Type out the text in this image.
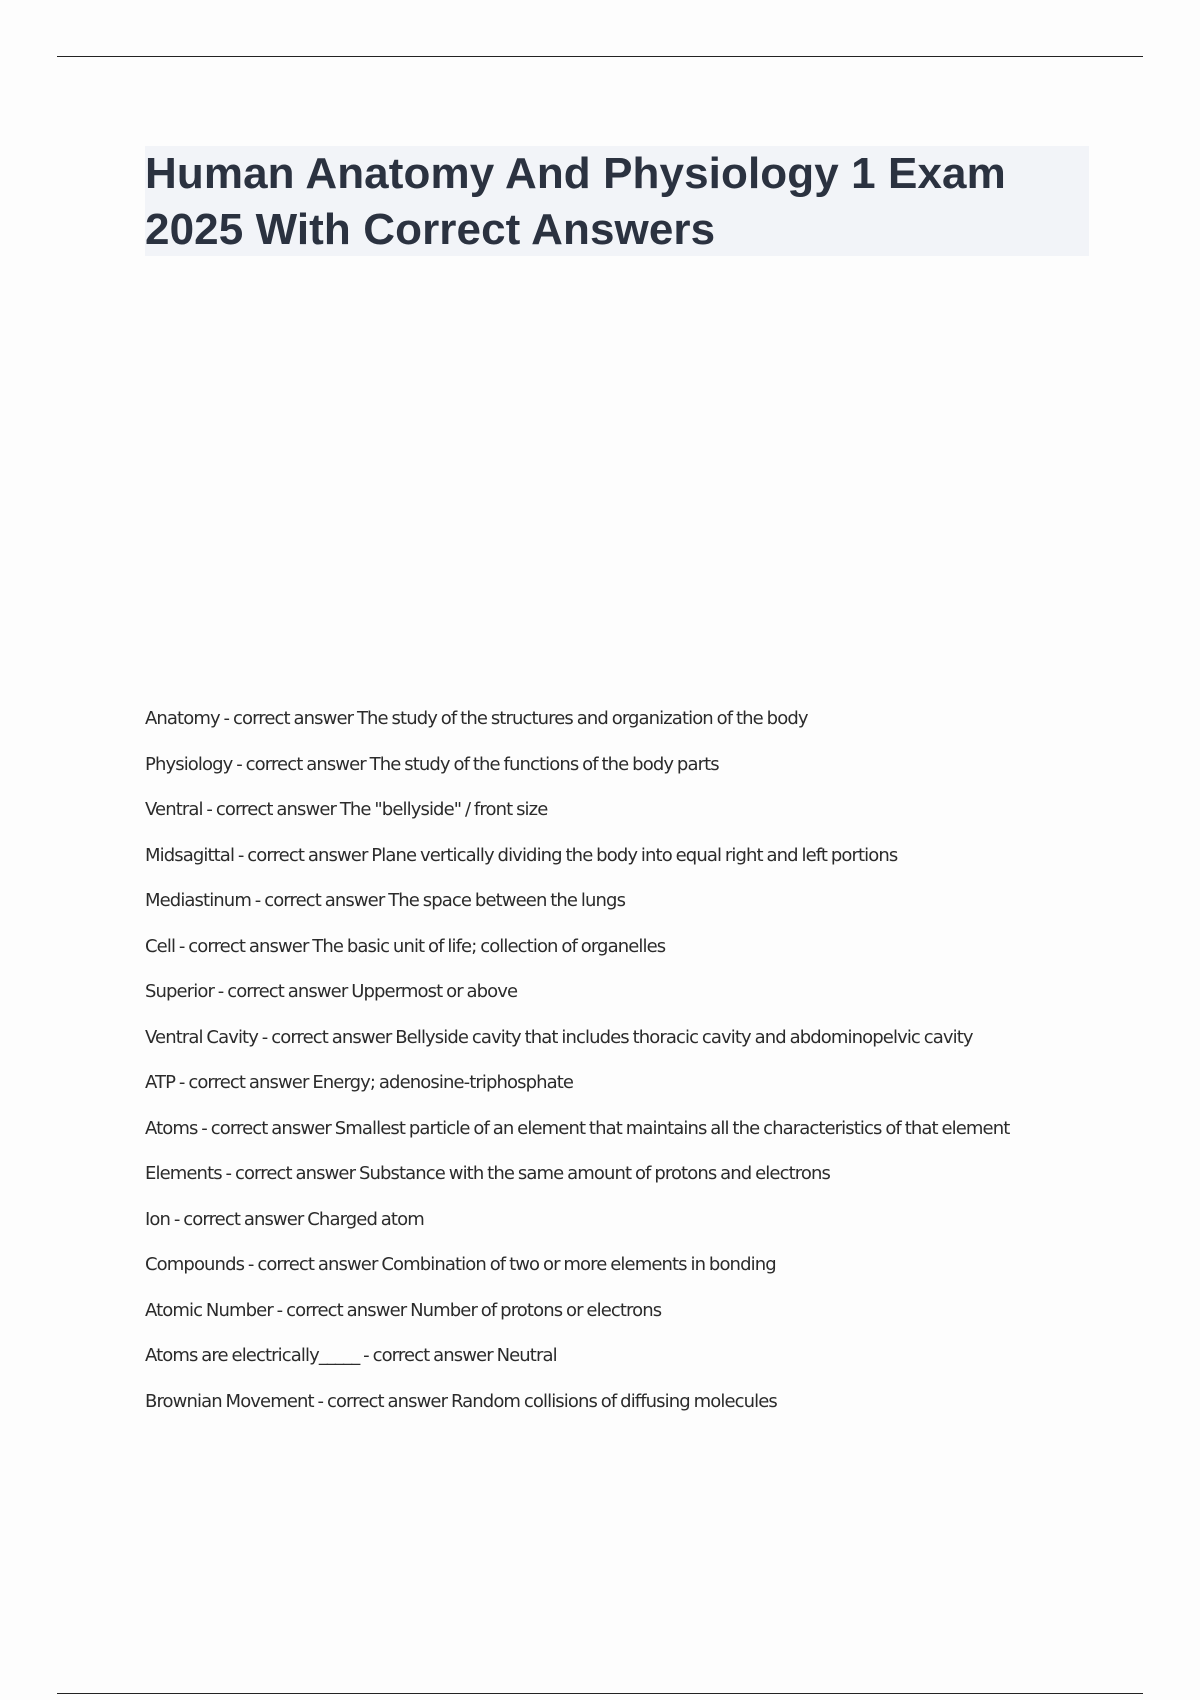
Human Anatomy And Physiology 1 Exam
2025 With Correct Answers
Anatomy - correct answer The study of the structures and organization of the body
Physiology - correct answer The study of the functions of the body parts
Ventral - correct answer The "bellyside" / front size
Midsagittal - correct answer Plane vertically dividing the body into equal right and left portions
Mediastinum - correct answer The space between the lungs
Cell - correct answer The basic unit of life; collection of organelles
Superior - correct answer Uppermost or above
Ventral Cavity - correct answer Bellyside cavity that includes thoracic cavity and abdominopelvic cavity
ATP - correct answer Energy; adenosine-triphosphate
Atoms - correct answer Smallest particle of an element that maintains all the characteristics of that element
Elements - correct answer Substance with the same amount of protons and electrons
Ion - correct answer Charged atom
Compounds - correct answer Combination of two or more elements in bonding
Atomic Number - correct answer Number of protons or electrons
Atoms are electrically_____ - correct answer Neutral
Brownian Movement - correct answer Random collisions of diffusing molecules
